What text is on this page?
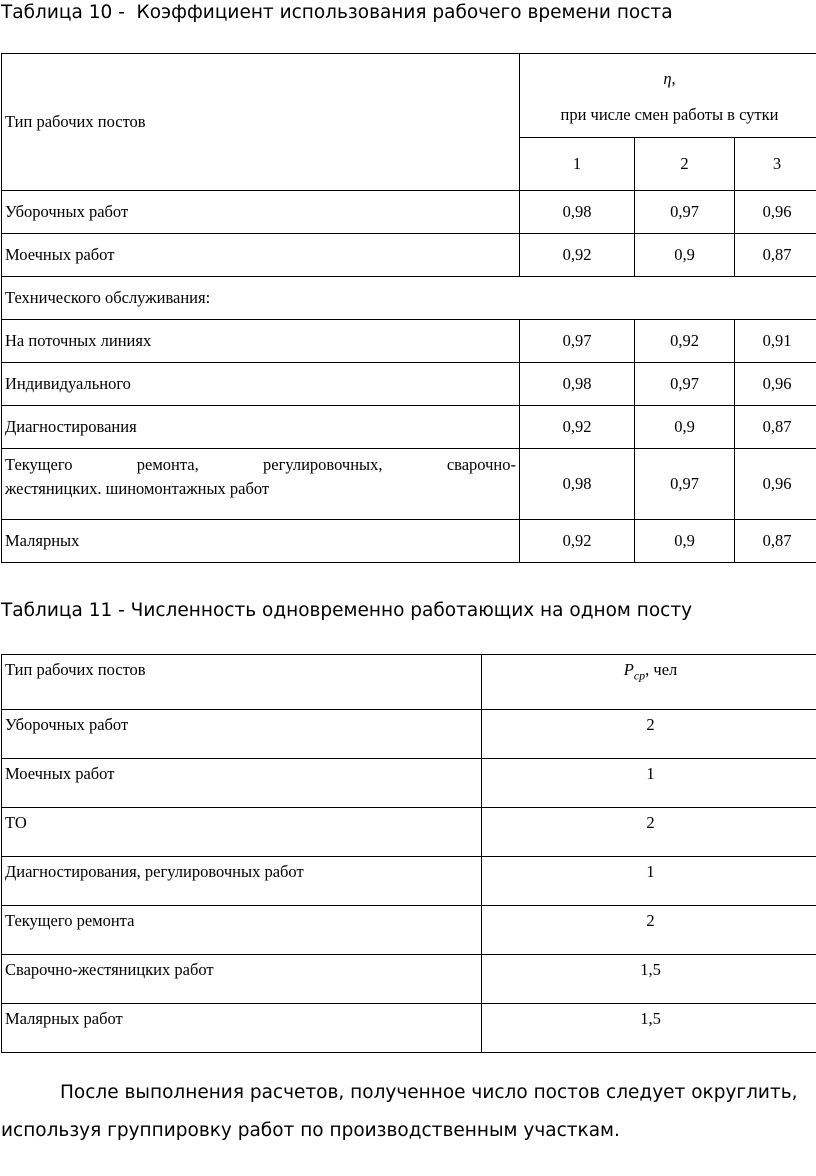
Таблица 10 -  Коэффициент использования рабочего времени поста
Тип рабочих постов	η,
при числе смен работы в сутки		
	1	2	3
Уборочных работ	0,98	0,97	0,96
Моечных работ	0,92	0,9	0,87
Технического обслуживания:			
На поточных линиях	0,97	0,92	0,91
Индивидуального	0,98	0,97	0,96
Диагностирования	0,92	0,9	0,87

Текущего ремонта, регулировочных, сварочно-
жестяницких. шиномонтажных работ	0,98	0,97	0,96
Малярных	0,92	0,9	0,87
Таблица 11 - Численность одновременно работающих на одном посту
Тип рабочих постов	$P_{ср}$, чел
Уборочных работ	2
Моечных работ	1
ТО	2
Диагностирования, регулировочных работ	1
Текущего ремонта	2
Сварочно-жестяницких работ	1,5
Малярных работ	1,5
После выполнения расчетов, полученное число постов следует округлить,
используя группировку работ по производственным участкам.
